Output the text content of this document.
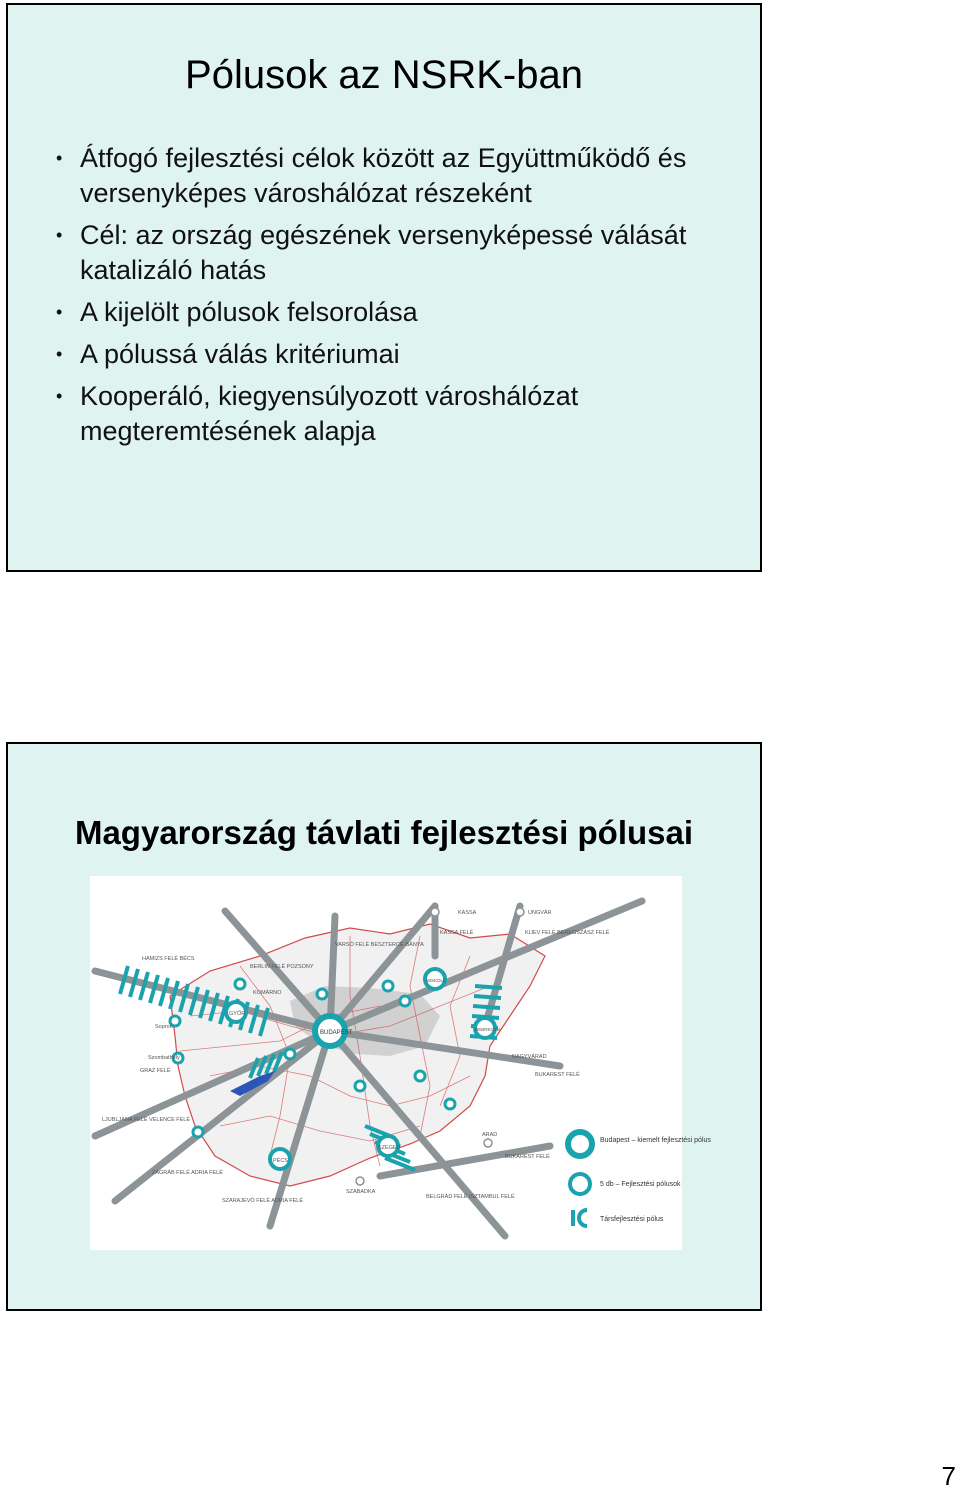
Pólusok az NSRK-ban
• Átfogó fejlesztési célok között az Együttműködő és versenyképes városhálózat részeként
• Cél: az ország egészének versenyképessé válását katalizáló hatás
• A kijelölt pólusok felsorolása
• A pólussá válás kritériumai
• Kooperáló, kiegyensúlyozott városhálózat megteremtésének alapja
Magyarország távlati fejlesztési pólusai
BUDAPEST
GYŐR
PÉCS
SZEGED
DEBRECEN
MISKOLC
KASSA	UNGVÁR
KASSA FELÉ	KIJEV FELÉ BEREGSZÁSZ FELÉ
VARSÓ FELÉ BESZTERCE-BÁNYA
BERLIN FELÉ POZSONY
HAMIZS FELÉ BÉCS
KOMÁRNO
Sopron
Szombathely
GRAZ FELÉ
LJUBLJANA FELÉ VELENCE FELÉ
ZÁGRÁB FELÉ ADRIA FELÉ
SZARAJEVÓ FELÉ ADRIA FELÉ
SZABADKA
BELGRÁD FELÉ ISZTAMBUL FELÉ
ARAD
BUKAREST FELÉ
BUKAREST FELÉ
NAGYVÁRAD
Budapest – kiemelt fejlesztési pólus
5 db – Fejlesztési pólusok
Társfejlesztési pólus
7
